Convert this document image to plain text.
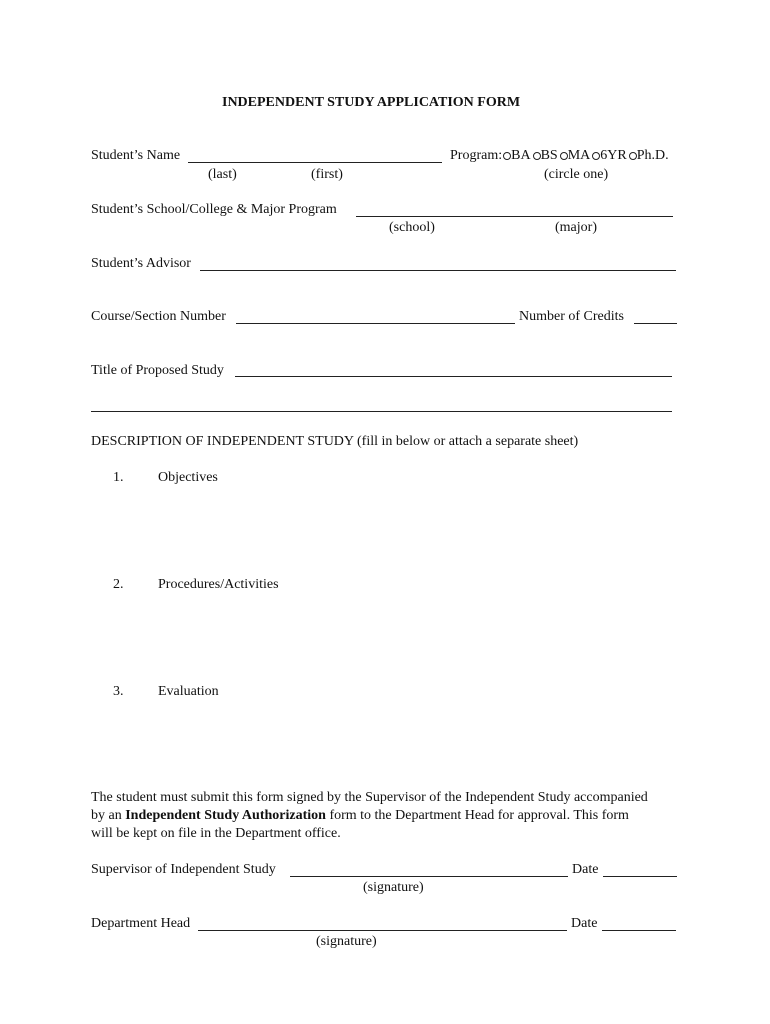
INDEPENDENT STUDY APPLICATION FORM
Student’s Name
(last)	(first)
Program: BA BS MA 6YR Ph.D.
(circle one)
Student’s School/College & Major Program
(school)	(major)
Student’s Advisor
Course/Section Number	Number of Credits
Title of Proposed Study
DESCRIPTION OF INDEPENDENT STUDY (fill in below or attach a separate sheet)
1. Objectives
2. Procedures/Activities
3. Evaluation
The student must submit this form signed by the Supervisor of the Independent Study accompanied by an Independent Study Authorization form to the Department Head for approval. This form will be kept on file in the Department office.
Supervisor of Independent Study	Date
(signature)
Department Head	Date
(signature)
